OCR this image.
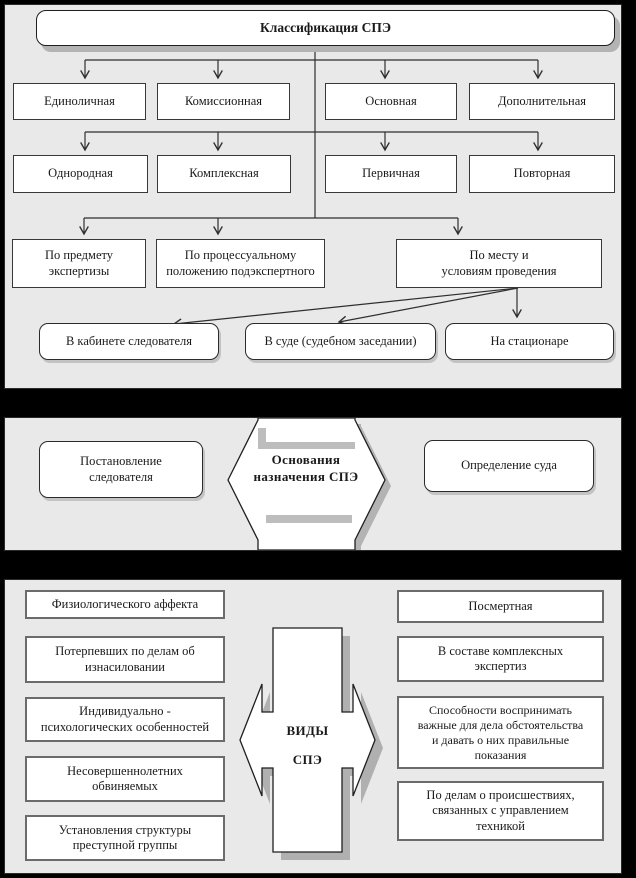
Классификация СПЭ
Единоличная	Комиссионная	Основная	Дополнительная
Однородная	Комплексная	Первичная	Повторная
По предмету
экспертизы
По процессуальному
положению подэкспертного
По месту и
условиям проведения
В кабинете следователя	В суде (судебном заседании)	На стационаре
Постановление
следователя
Основания
назначения СПЭ
Определение суда
Физиологического аффекта
Потерпевших по делам об
изнасиловании
Индивидуально -
психологических особенностей
Несовершеннолетних
обвиняемых
Установления структуры
преступной группы
ВИДЫ
СПЭ
Посмертная
В составе комплексных
экспертиз
Способности воспринимать
важные для дела обстоятельства
и давать о них правильные
показания
По делам о происшествиях,
связанных с управлением
техникой
